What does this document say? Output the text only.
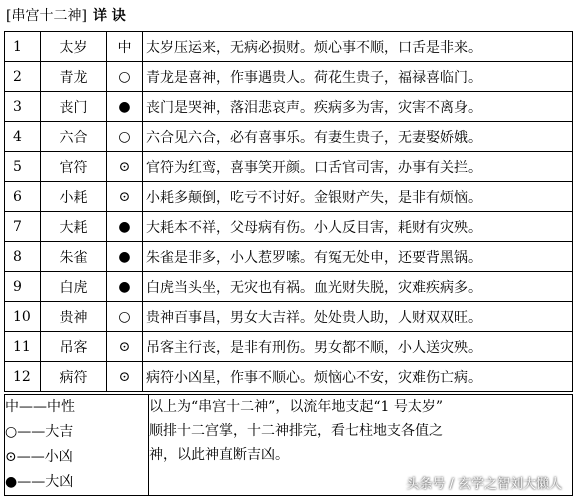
[串宫十二神] 详 诀
1	太岁	中	太岁压运来，无病必损财。烦心事不顺，口舌是非来。
2	青龙	○	青龙是喜神，作事遇贵人。荷花生贵子，福禄喜临门。
3	丧门	●	丧门是哭神，落泪悲哀声。疾病多为害，灾害不离身。
4	六合	○	六合见六合，必有喜事乐。有妻生贵子，无妻娶娇娥。
5	官符	⊙	官符为红鸾，喜事笑开颜。口舌官司害，办事有关拦。
6	小耗	⊙	小耗多颠倒，吃亏不讨好。金银财产失，是非有烦恼。
7	大耗	●	大耗本不祥，父母病有伤。小人反目害，耗财有灾殃。
8	朱雀	●	朱雀是非多，小人惹罗嗦。有冤无处申，还要背黑锅。
9	白虎	●	白虎当头坐，无灾也有祸。血光财失脱，灾难疾病多。
10	贵神	○	贵神百事昌，男女大吉祥。处处贵人助，人财双双旺。
11	吊客	⊙	吊客主行丧，是非有刑伤。男女都不顺，小人送灾殃。
12	病符	⊙	病符小凶星，作事不顺心。烦恼心不安，灾难伤亡病。
中——中性
○——大吉
⊙——小凶
●——大凶

以上为“串宫十二神”，以流年地支起“1 号太岁”
顺排十二宫掌，十二神排完，看七柱地支各值之
神，以此神直断吉凶。
头条号 / 玄学之智刘大懒人
